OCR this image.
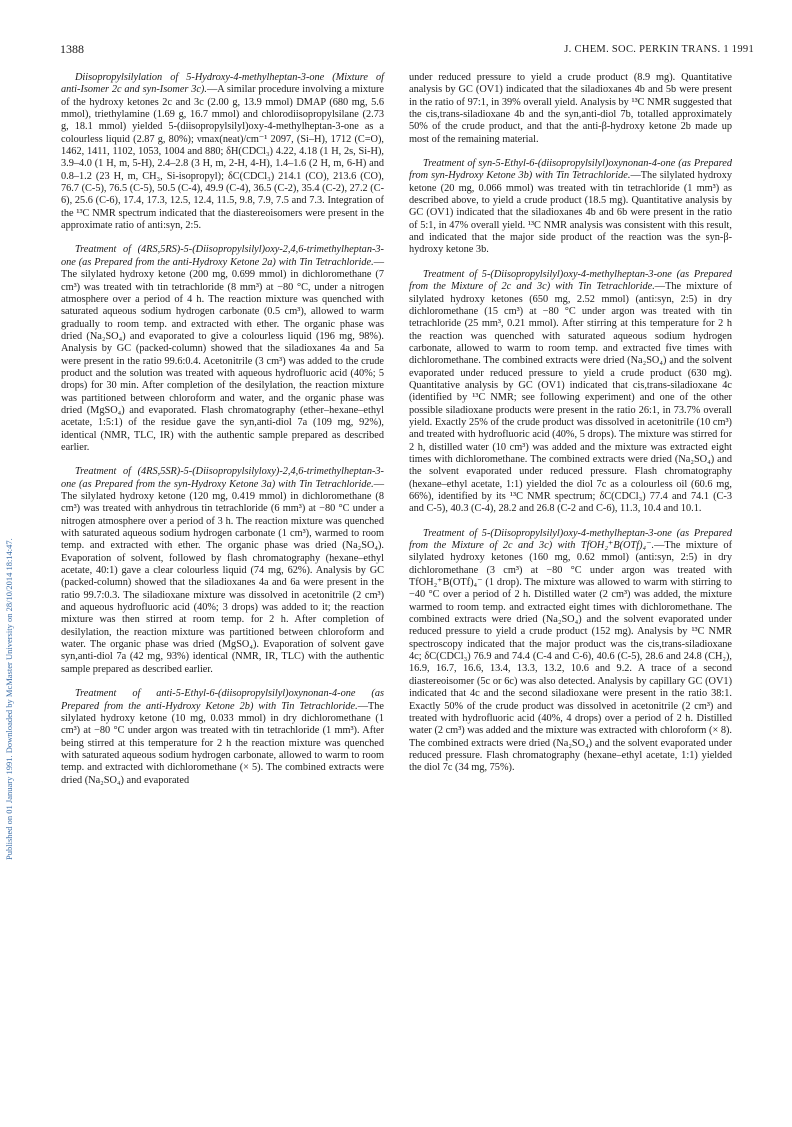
1388	J. CHEM. SOC. PERKIN TRANS. 1 1991
Published on 01 January 1991. Downloaded by McMaster University on 28/10/2014 18:14:47.

Diisopropylsilylation of 5-Hydroxy-4-methylheptan-3-one (Mixture of anti-Isomer 2c and syn-Isomer 3c).—A similar procedure involving a mixture of the hydroxy ketones 2c and 3c (2.00 g, 13.9 mmol) DMAP (680 mg, 5.6 mmol), triethylamine (1.69 g, 16.7 mmol) and chlorodiisopropylsilane (2.73 g, 18.1 mmol) yielded 5-(diisopropylsilyl)oxy-4-methylheptan-3-one as a colourless liquid (2.87 g, 80%); νmax(neat)/cm⁻¹ 2097, (Si–H), 1712 (C=O), 1462, 1411, 1102, 1053, 1004 and 880; δH(CDCl₃) 4.22, 4.18 (1 H, 2s, Si-H), 3.9–4.0 (1 H, m, 5-H), 2.4–2.8 (3 H, m, 2-H, 4-H), 1.4–1.6 (2 H, m, 6-H) and 0.8–1.2 (23 H, m, CH₃, Si-isopropyl); δC(CDCl₃) 214.1 (CO), 213.6 (CO), 76.7 (C-5), 76.5 (C-5), 50.5 (C-4), 49.9 (C-4), 36.5 (C-2), 35.4 (C-2), 27.2 (C-6), 25.6 (C-6), 17.4, 17.3, 12.5, 12.4, 11.5, 9.8, 7.9, 7.5 and 7.3. Integration of the ¹³C NMR spectrum indicated that the diastereoisomers were present in the approximate ratio of anti:syn, 2:5.

Treatment of (4RS,5RS)-5-(Diisopropylsilyl)oxy-2,4,6-trimethylheptan-3-one (as Prepared from the anti-Hydroxy Ketone 2a) with Tin Tetrachloride.—The silylated hydroxy ketone (200 mg, 0.699 mmol) in dichloromethane (7 cm³) was treated with tin tetrachloride (8 mm³) at −80 °C, under a nitrogen atmosphere over a period of 4 h. The reaction mixture was quenched with saturated aqueous sodium hydrogen carbonate (0.5 cm³), allowed to warm gradually to room temp. and extracted with ether. The organic phase was dried (Na₂SO₄) and evaporated to give a colourless liquid (196 mg, 98%). Analysis by GC (packed-column) showed that the siladioxanes 4a and 5a were present in the ratio 99.6:0.4. Acetonitrile (3 cm³) was added to the crude product and the solution was treated with aqueous hydrofluoric acid (40%; 5 drops) for 30 min. After completion of the desilylation, the reaction mixture was partitioned between chloroform and water, and the organic phase was dried (MgSO₄) and evaporated. Flash chromatography (ether–hexane–ethyl acetate, 1:5:1) of the residue gave the syn,anti-diol 7a (109 mg, 92%), identical (NMR, TLC, IR) with the authentic sample prepared as described earlier.

Treatment of (4RS,5SR)-5-(Diisopropylsilyloxy)-2,4,6-trimethylheptan-3-one (as Prepared from the syn-Hydroxy Ketone 3a) with Tin Tetrachloride.—The silylated hydroxy ketone (120 mg, 0.419 mmol) in dichloromethane (8 cm³) was treated with anhydrous tin tetrachloride (6 mm³) at −80 °C under a nitrogen atmosphere over a period of 3 h. The reaction mixture was quenched with saturated aqueous sodium hydrogen carbonate (1 cm³), warmed to room temp. and extracted with ether. The organic phase was dried (Na₂SO₄). Evaporation of solvent, followed by flash chromatography (hexane–ethyl acetate, 40:1) gave a clear colourless liquid (74 mg, 62%). Analysis by GC (packed-column) showed that the siladioxanes 4a and 6a were present in the ratio 99.7:0.3. The siladioxane mixture was dissolved in acetonitrile (2 cm³) and aqueous hydrofluoric acid (40%; 3 drops) was added to it; the reaction mixture was then stirred at room temp. for 2 h. After completion of desilylation, the reaction mixture was partitioned between chloroform and water. The organic phase was dried (MgSO₄). Evaporation of solvent gave syn,anti-diol 7a (42 mg, 93%) identical (NMR, IR, TLC) with the authentic sample prepared as described earlier.

Treatment of anti-5-Ethyl-6-(diisopropylsilyl)oxynonan-4-one (as Prepared from the anti-Hydroxy Ketone 2b) with Tin Tetrachloride.—The silylated hydroxy ketone (10 mg, 0.033 mmol) in dry dichloromethane (1 cm³) at −80 °C under argon was treated with tin tetrachloride (1 mm³). After being stirred at this temperature for 2 h the reaction mixture was quenched with saturated aqueous sodium hydrogen carbonate, allowed to warm to room temp. and extracted with dichloromethane (× 5). The combined extracts were dried (Na₂SO₄) and evaporated

under reduced pressure to yield a crude product (8.9 mg). Quantitative analysis by GC (OV1) indicated that the siladioxanes 4b and 5b were present in the ratio of 97:1, in 39% overall yield. Analysis by ¹³C NMR suggested that the cis,trans-siladioxane 4b and the syn,anti-diol 7b, totalled approximately 50% of the crude product, and that the anti-β-hydroxy ketone 2b made up most of the remaining material.

Treatment of syn-5-Ethyl-6-(diisopropylsilyl)oxynonan-4-one (as Prepared from syn-Hydroxy Ketone 3b) with Tin Tetrachloride.—The silylated hydroxy ketone (20 mg, 0.066 mmol) was treated with tin tetrachloride (1 mm³) as described above, to yield a crude product (18.5 mg). Quantitative analysis by GC (OV1) indicated that the siladioxanes 4b and 6b were present in the ratio of 5:1, in 47% overall yield. ¹³C NMR analysis was consistent with this result, and indicated that the major side product of the reaction was the syn-β-hydroxy ketone 3b.

Treatment of 5-(Diisopropylsilyl)oxy-4-methylheptan-3-one (as Prepared from the Mixture of 2c and 3c) with Tin Tetrachloride.—The mixture of silylated hydroxy ketones (650 mg, 2.52 mmol) (anti:syn, 2:5) in dry dichloromethane (15 cm³) at −80 °C under argon was treated with tin tetrachloride (25 mm³, 0.21 mmol). After stirring at this temperature for 2 h the reaction was quenched with saturated aqueous sodium hydrogen carbonate, allowed to warm to room temp. and extracted five times with dichloromethane. The combined extracts were dried (Na₂SO₄) and the solvent evaporated under reduced pressure to yield a crude product (630 mg). Quantitative analysis by GC (OV1) indicated that cis,trans-siladioxane 4c (identified by ¹³C NMR; see following experiment) and one of the other possible siladioxane products were present in the ratio 26:1, in 73.7% overall yield. Exactly 25% of the crude product was dissolved in acetonitrile (10 cm³) and treated with hydrofluoric acid (40%, 5 drops). The mixture was stirred for 2 h, distilled water (10 cm³) was added and the mixture was extracted eight times with dichloromethane. The combined extracts were dried (Na₂SO₄) and the solvent evaporated under reduced pressure. Flash chromatography (hexane–ethyl acetate, 1:1) yielded the diol 7c as a colourless oil (60.6 mg, 66%), identified by its ¹³C NMR spectrum; δC(CDCl₃) 77.4 and 74.1 (C-3 and C-5), 40.3 (C-4), 28.2 and 26.8 (C-2 and C-6), 11.3, 10.4 and 10.1.

Treatment of 5-(Diisopropylsilyl)oxy-4-methylheptan-3-one (as Prepared from the Mixture of 2c and 3c) with TfOH₂⁺B(OTf)₄⁻.—The mixture of silylated hydroxy ketones (160 mg, 0.62 mmol) (anti:syn, 2:5) in dry dichloromethane (3 cm³) at −80 °C under argon was treated with TfOH₂⁺B(OTf)₄⁻ (1 drop). The mixture was allowed to warm with stirring to −40 °C over a period of 2 h. Distilled water (2 cm³) was added, the mixture warmed to room temp. and extracted eight times with dichloromethane. The combined extracts were dried (Na₂SO₄) and the solvent evaporated under reduced pressure to yield a crude product (152 mg). Analysis by ¹³C NMR spectroscopy indicated that the major product was the cis,trans-siladioxane 4c; δC(CDCl₃) 76.9 and 74.4 (C-4 and C-6), 40.6 (C-5), 28.6 and 24.8 (CH₂), 16.9, 16.7, 16.6, 13.4, 13.3, 13.2, 10.6 and 9.2. A trace of a second diastereoisomer (5c or 6c) was also detected. Analysis by capillary GC (OV1) indicated that 4c and the second siladioxane were present in the ratio 38:1. Exactly 50% of the crude product was dissolved in acetonitrile (2 cm³) and treated with hydrofluoric acid (40%, 4 drops) over a period of 2 h. Distilled water (2 cm³) was added and the mixture was extracted with chloroform (× 8). The combined extracts were dried (Na₂SO₄) and the solvent evaporated under reduced pressure. Flash chromatography (hexane–ethyl acetate, 1:1) yielded the diol 7c (34 mg, 75%).
